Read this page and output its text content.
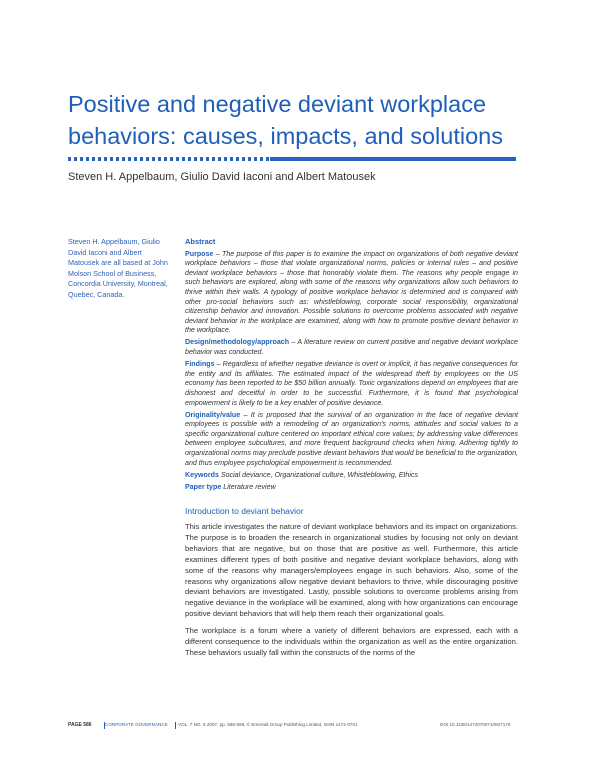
Positive and negative deviant workplace behaviors: causes, impacts, and solutions
Steven H. Appelbaum, Giulio David Iaconi and Albert Matousek
Steven H. Appelbaum, Giulio David Iaconi and Albert Matousek are all based at John Molson School of Business, Concordia University, Montreal, Quebec, Canada.
Abstract

Purpose – The purpose of this paper is to examine the impact on organizations of both negative deviant workplace behaviors – those that violate organizational norms, policies or internal rules – and positive deviant workplace behaviors – those that honorably violate them. The reasons why people engage in such behaviors are explored, along with some of the reasons why organizations allow such behaviors to thrive within their walls. A typology of positive workplace behavior is determined and is compared with other pro-social behaviors such as: whistleblowing, corporate social responsibility, organizational citizenship behavior and innovation. Possible solutions to overcome problems associated with negative deviant behavior in the workplace are examined, along with how to promote positive deviant behavior in the workplace.

Design/methodology/approach – A literature review on current positive and negative deviant workplace behavior was conducted.

Findings – Regardless of whether negative deviance is overt or implicit, it has negative consequences for the entity and its affiliates. The estimated impact of the widespread theft by employees on the US economy has been reported to be $50 billion annually. Toxic organizations depend on employees that are dishonest and deceitful in order to be successful. Furthermore, it is found that psychological empowerment is likely to be a key enabler of positive deviance.

Originality/value – It is proposed that the survival of an organization in the face of negative deviant employees is possible with a remodeling of an organization's norms, attitudes and social values to a specific organizational culture centered on important ethical core values; by addressing value differences between employee subcultures, and more frequent background checks when hiring. Adhering tightly to organizational norms may preclude positive deviant behaviors that would be beneficial to the organization, and thus employee psychological empowerment is recommended.

Keywords Social deviance, Organizational culture, Whistleblowing, Ethics

Paper type Literature review

Introduction to deviant behavior

This article investigates the nature of deviant workplace behaviors and its impact on organizations. The purpose is to broaden the research in organizational studies by focusing not only on deviant behaviors that are negative, but on those that are positive as well. Furthermore, this article examines different types of both positive and negative deviant workplace behaviors, along with some of the reasons why managers/employees engage in such behaviors. Also, some of the reasons why organizations allow negative deviant behaviors to thrive, while discouraging positive deviant behaviors are investigated. Lastly, possible solutions to overcome problems arising from negative deviance in the workplace will be examined, along with how organizations can encourage positive deviant behaviors that will help them reach their organizational goals.

The workplace is a forum where a variety of different behaviors are expressed, each with a different consequence to the individuals within the organization as well as the entire organization. These behaviors usually fall within the constructs of the norms of the

PAGE 586	CORPORATE GOVERNANCE VOL. 7 NO. 5 2007, pp. 586-598, © Emerald Group Publishing Limited, ISSN 1472-0701	DOI 10.1108/14720700710827176
